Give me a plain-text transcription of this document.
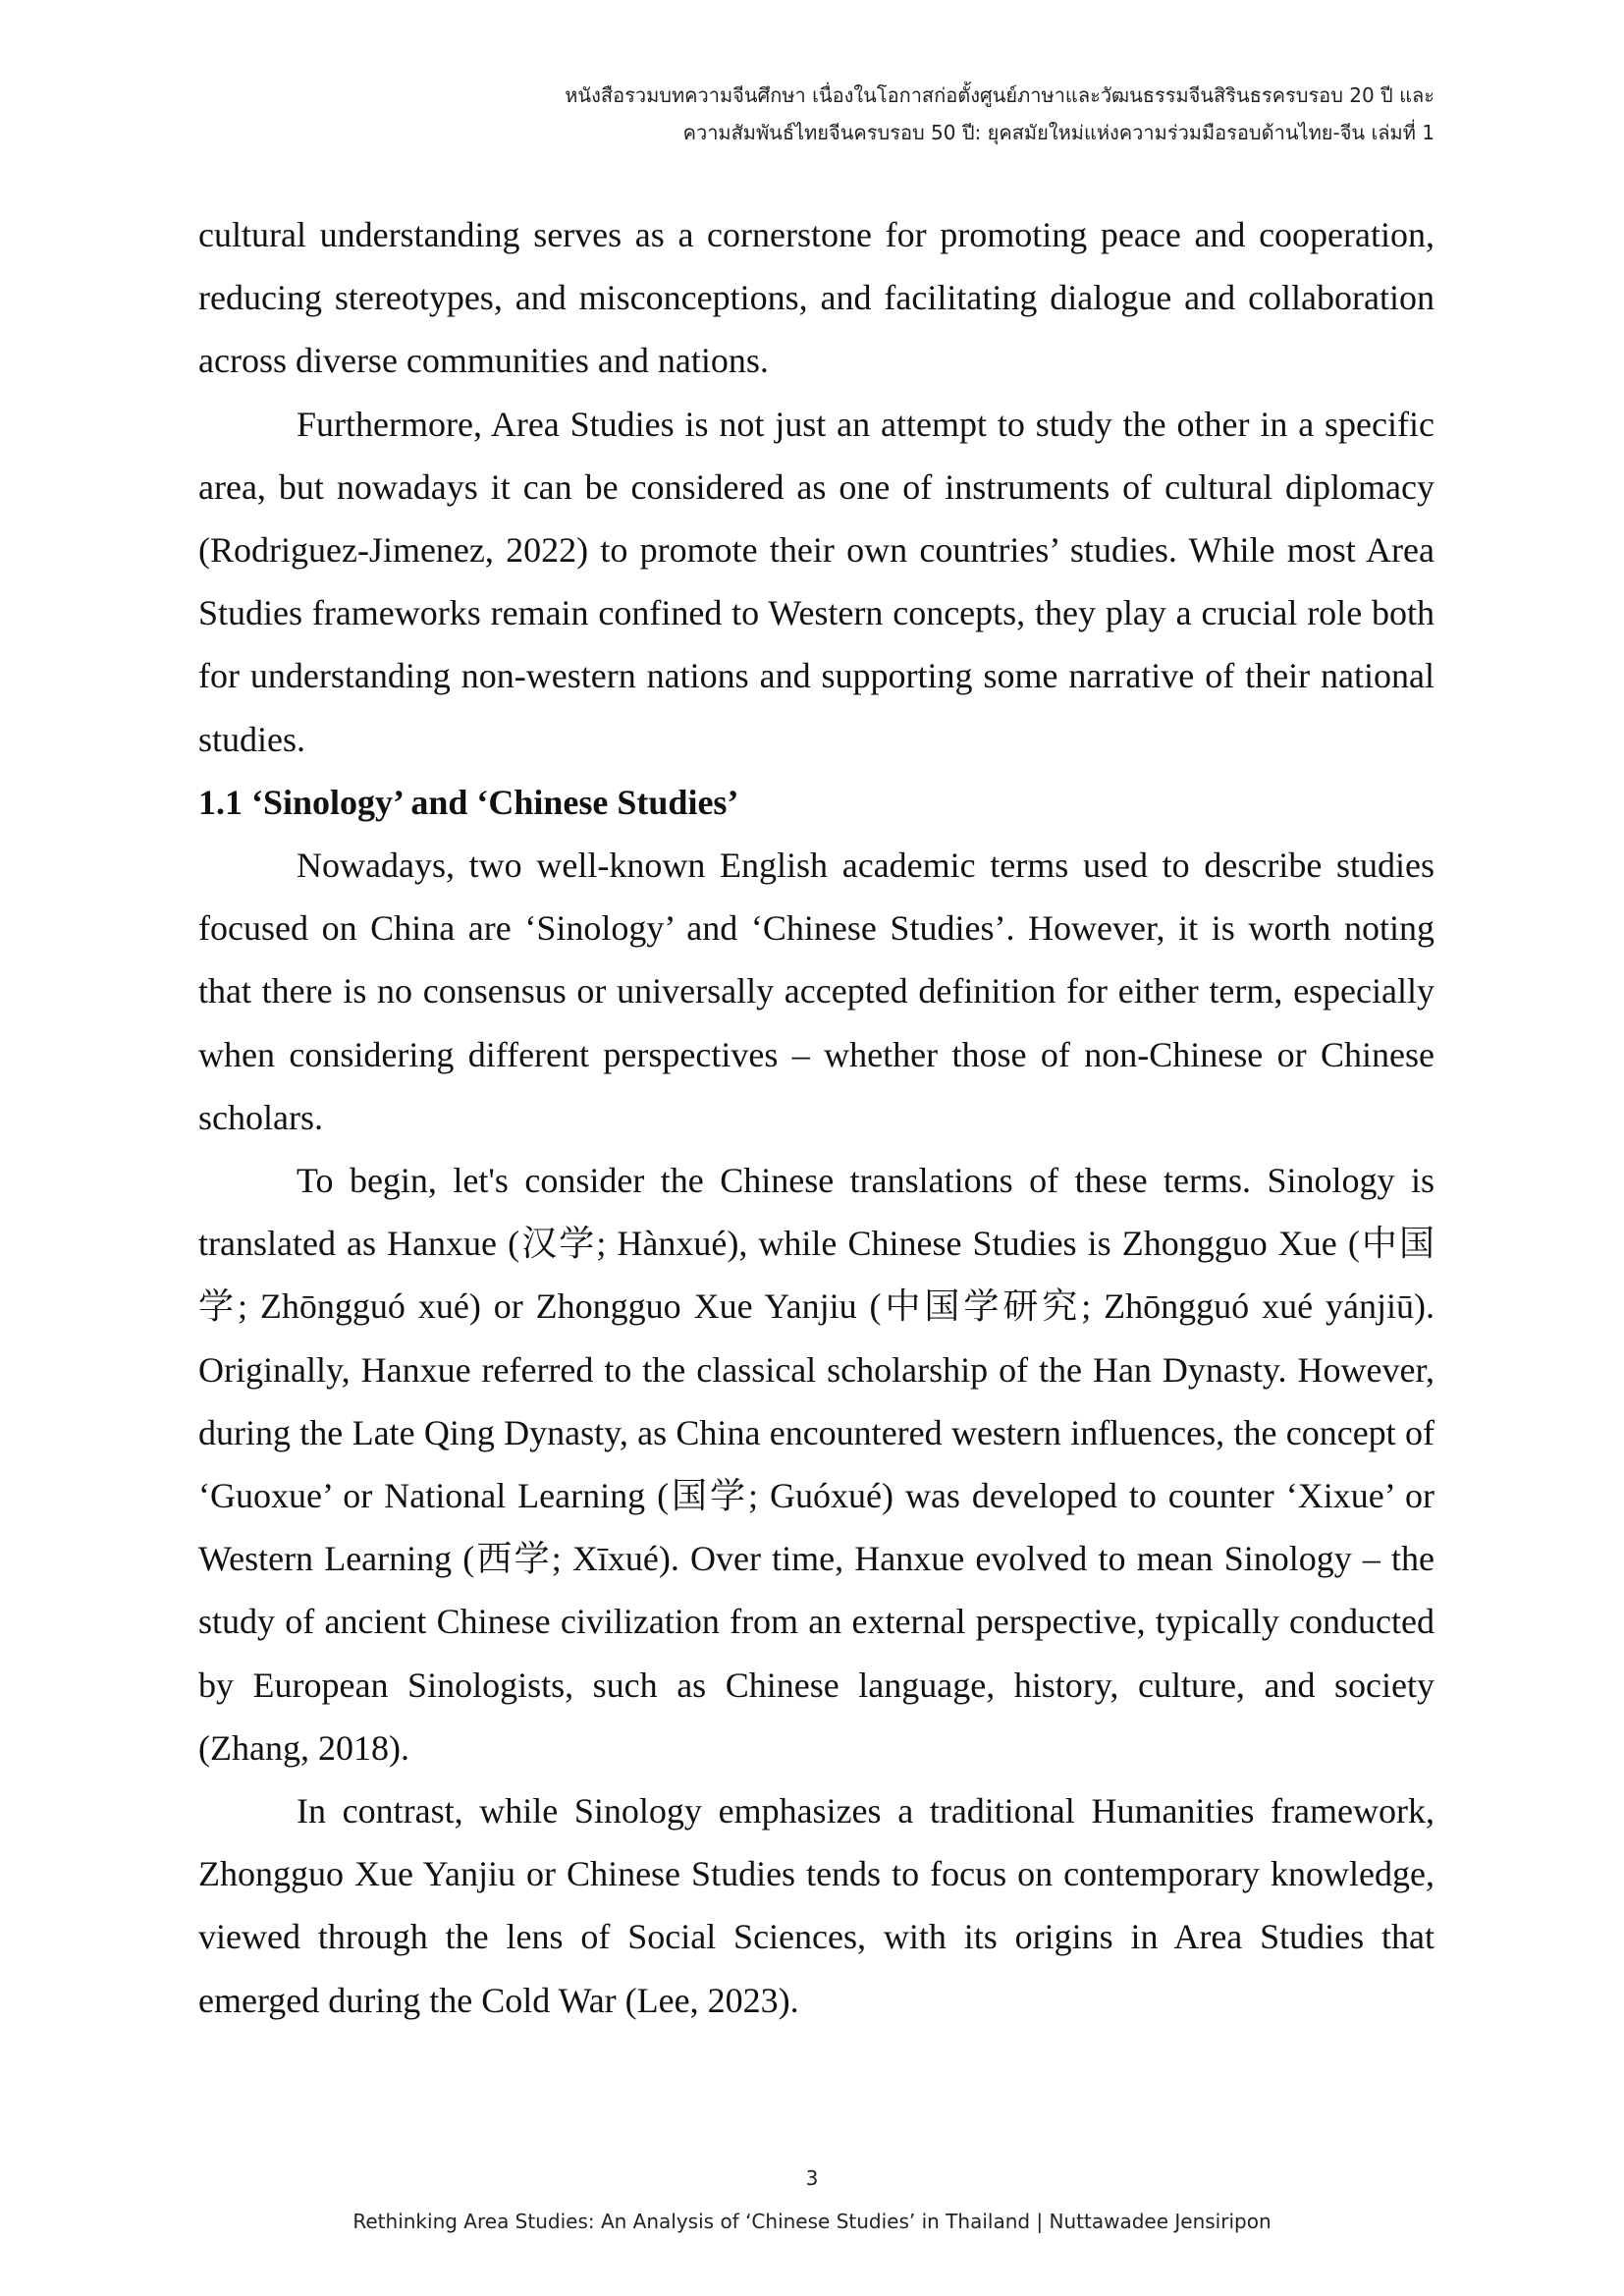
หนังสือรวมบทความจีนศึกษา เนื่องในโอกาสก่อตั้งศูนย์ภาษาและวัฒนธรรมจีนสิรินธรครบรอบ 20 ปี และ
ความสัมพันธ์ไทยจีนครบรอบ 50 ปี: ยุคสมัยใหม่แห่งความร่วมมือรอบด้านไทย-จีน เล่มที่ 1

cultural understanding serves as a cornerstone for promoting peace and cooperation, reducing stereotypes, and misconceptions, and facilitating dialogue and collaboration across diverse communities and nations.

Furthermore, Area Studies is not just an attempt to study the other in a specific area, but nowadays it can be considered as one of instruments of cultural diplomacy (Rodriguez-Jimenez, 2022) to promote their own countries’ studies. While most Area Studies frameworks remain confined to Western concepts, they play a crucial role both for understanding non-western nations and supporting some narrative of their national studies.

1.1 ‘Sinology’ and ‘Chinese Studies’

Nowadays, two well-known English academic terms used to describe studies focused on China are ‘Sinology’ and ‘Chinese Studies’. However, it is worth noting that there is no consensus or universally accepted definition for either term, especially when considering different perspectives – whether those of non-Chinese or Chinese scholars.

To begin, let's consider the Chinese translations of these terms. Sinology is translated as Hanxue (汉学; Hànxué), while Chinese Studies is Zhongguo Xue (中国学; Zhōngguó xué) or Zhongguo Xue Yanjiu (中国学研究; Zhōngguó xué yánjiū). Originally, Hanxue referred to the classical scholarship of the Han Dynasty. However, during the Late Qing Dynasty, as China encountered western influences, the concept of ‘Guoxue’ or National Learning (国学; Guóxué) was developed to counter ‘Xixue’ or Western Learning (西学; Xīxué). Over time, Hanxue evolved to mean Sinology – the study of ancient Chinese civilization from an external perspective, typically conducted by European Sinologists, such as Chinese language, history, culture, and society (Zhang, 2018).

In contrast, while Sinology emphasizes a traditional Humanities framework, Zhongguo Xue Yanjiu or Chinese Studies tends to focus on contemporary knowledge, viewed through the lens of Social Sciences, with its origins in Area Studies that emerged during the Cold War (Lee, 2023).

3
Rethinking Area Studies: An Analysis of ‘Chinese Studies’ in Thailand | Nuttawadee Jensiripon
